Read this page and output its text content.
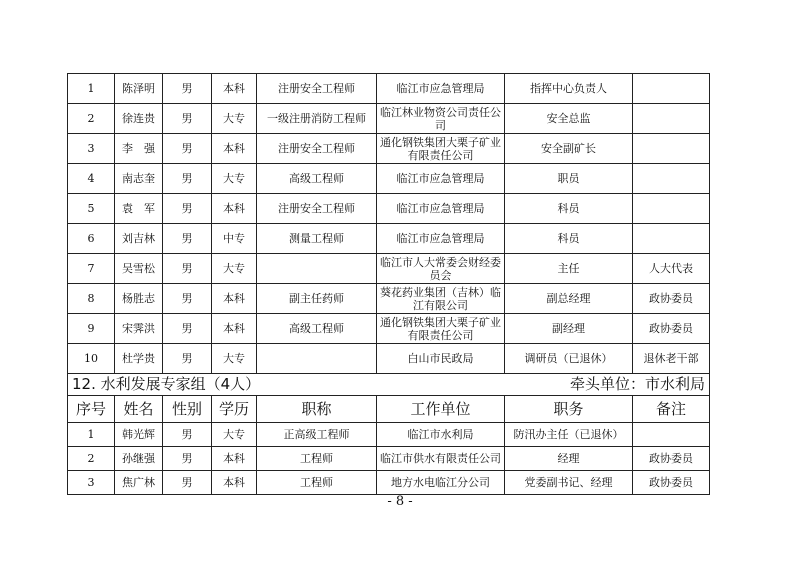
1	陈泽明	男	本科	注册安全工程师	临江市应急管理局	指挥中心负责人	
2	徐连贵	男	大专	一级注册消防工程师	临江林业物资公司责任公司	安全总监	
3	李　强	男	本科	注册安全工程师	通化钢铁集团大栗子矿业有限责任公司	安全副矿长	
4	南志奎	男	大专	高级工程师	临江市应急管理局	职员	
5	袁　军	男	本科	注册安全工程师	临江市应急管理局	科员	
6	刘吉林	男	中专	测量工程师	临江市应急管理局	科员	
7	吴雪松	男	大专		临江市人大常委会财经委员会	主任	人大代表
8	杨胜志	男	本科	副主任药师	葵花药业集团（吉林）临江有限公司	副总经理	政协委员
9	宋霁洪	男	本科	高级工程师	通化钢铁集团大栗子矿业有限责任公司	副经理	政协委员
10	杜学贵	男	大专		白山市民政局	调研员（已退休）	退休老干部

12. 水利发展专家组（4人） 牵头单位：市水利局							

序号	姓名	性别	学历	职称	工作单位	职务	备注
1	韩光辉	男	大专	正高级工程师	临江市水利局	防汛办主任（已退休）	
2	孙继强	男	本科	工程师	临江市供水有限责任公司	经理	政协委员
3	焦广林	男	本科	工程师	地方水电临江分公司	党委副书记、经理	政协委员
- 8 -
